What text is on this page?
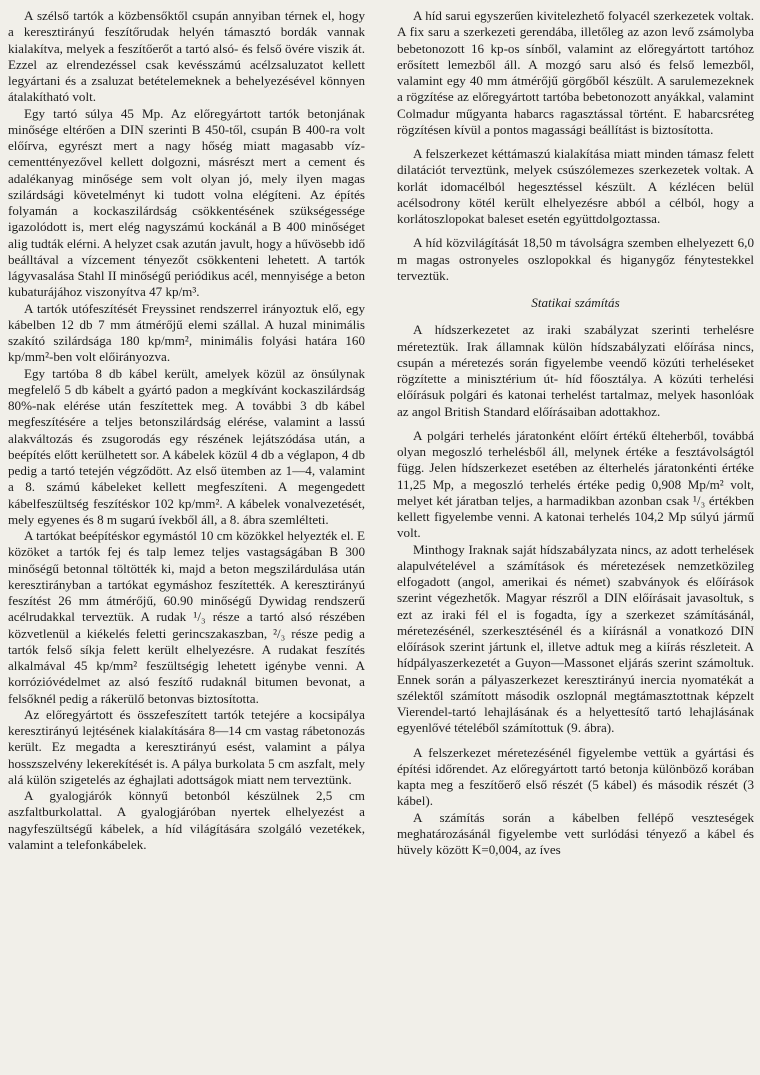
A szélső tartók a közbensőktől csupán annyiban térnek el, hogy a keresztirányú feszítőrudak helyén támasztó bordák vannak kialakítva, melyek a feszítőerőt a tartó alsó- és felső övére viszik át. Ezzel az elrendezéssel csak kevésszámú acélzsaluzatot kellett legyártani és a zsaluzat betételemeknek a behelyezésével könnyen átalakítható volt.

Egy tartó súlya 45 Mp. Az előregyártott tartók betonjának minősége eltérően a DIN szerinti B 450-től, csupán B 400-ra volt előírva, egyrészt mert a nagy hőség miatt magasabb vízcementtényezővel kellett dolgozni, másrészt mert a cement és adalékanyag minősége sem volt olyan jó, mely ilyen magas szilárdsági követelményt ki tudott volna elégíteni. Az építés folyamán a kockaszilárdság csökkentésének szükségessége igazolódott is, mert elég nagyszámú kockánál a B 400 minőséget alig tudták elérni. A helyzet csak azután javult, hogy a hűvösebb idő beálltával a vízcement tényezőt csökkenteni lehetett. A tartók lágyvasalása Stahl II minőségű periódikus acél, mennyisége a beton kubaturájához viszonyítva 47 kp/m³.

A tartók utófeszítését Freyssinet rendszerrel irányoztuk elő, egy kábelben 12 db 7 mm átmérőjű elemi szállal. A huzal minimális szakító szilárdsága 180 kp/mm², minimális folyási határa 160 kp/mm²-ben volt előirányozva.

Egy tartóba 8 db kábel került, amelyek közül az önsúlynak megfelelő 5 db kábelt a gyártó padon a megkívánt kockaszilárdság 80%-nak elérése után feszítettek meg. A további 3 db kábel megfeszítésére a teljes betonszilárdság elérése, valamint a lassú alakváltozás és zsugorodás egy részének lejátszódása után, a beépítés előtt kerülhetett sor. A kábelek közül 4 db a véglapon, 4 db pedig a tartó tetején végződött. Az első ütemben az 1—4, valamint a 8. számú kábeleket kellett megfeszíteni. A megengedett kábelfeszültség feszítéskor 102 kp/mm². A kábelek vonalvezetését, mely egyenes és 8 m sugarú ívekből áll, a 8. ábra szemlélteti.

A tartókat beépítéskor egymástól 10 cm közökkel helyezték el. E közöket a tartók fej és talp lemez teljes vastagságában B 300 minőségű betonnal töltötték ki, majd a beton megszilárdulása után keresztirányban a tartókat egymáshoz feszítették. A keresztirányú feszítést 26 mm átmérőjű, 60.90 minőségű Dywidag rendszerű acélrudakkal terveztük. A rudak ¹/₃ része a tartó alsó részében közvetlenül a kiékelés feletti gerincszakaszban, ²/₃ része pedig a tartók felső síkja felett került elhelyezésre. A rudakat feszítés alkalmával 45 kp/mm² feszültségig lehetett igénybe venni. A korrózióvédelmet az alsó feszítő rudaknál bitumen bevonat, a felsőknél pedig a rákerülő betonvas biztosította.

Az előregyártott és összefeszített tartók tetejére a kocsipálya keresztirányú lejtésének kialakítására 8—14 cm vastag rábetonozás került. Ez megadta a keresztirányú esést, valamint a pálya hosszszelvény lekerekítését is. A pálya burkolata 5 cm aszfalt, mely alá külön szigetelés az éghajlati adottságok miatt nem terveztünk.

A gyalogjárók könnyű betonból készülnek 2,5 cm aszfaltburkolattal. A gyalogjáróban nyertek elhelyezést a nagyfeszültségű kábelek, a híd világítására szolgáló vezetékek, valamint a telefonkábelek.

A híd sarui egyszerűen kivitelezhető folyacél szerkezetek voltak. A fix saru a szerkezeti gerendába, illetőleg az azon levő zsámolyba bebetonozott 16 kp-os sínből, valamint az előregyártott tartóhoz erősített lemezből áll. A mozgó saru alsó és felső lemezből, valamint egy 40 mm átmérőjű görgőből készült. A sarulemezeknek a rögzítése az előregyártott tartóba bebetonozott anyákkal, valamint Colmadur műgyanta habarcs ragasztással történt. E habarcsréteg rögzítésen kívül a pontos magassági beállítást is biztosította.

A felszerkezet kéttámaszú kialakítása miatt minden támasz felett dilatációt terveztünk, melyek csúszólemezes szerkezetek voltak. A korlát idomacélból hegesztéssel készült. A kézlécen belül acélsodrony kötél került elhelyezésre abból a célból, hogy a korlátoszlopokat baleset esetén együttdolgoztassa.

A híd közvilágítását 18,50 m távolságra szemben elhelyezett 6,0 m magas ostronyeles oszlopokkal és higanygőz fénytestekkel terveztük.

Statikai számítás

A hídszerkezetet az iraki szabályzat szerinti terhelésre méreteztük. Irak államnak külön hídszabályzati előírása nincs, csupán a méretezés során figyelembe veendő közúti terheléseket rögzítette a minisztérium út- híd főosztálya. A közúti terhelési előírásuk polgári és katonai terhelést tartalmaz, melyek hasonlóak az angol British Standard előírásaiban adottakhoz.

A polgári terhelés járatonként előírt értékű élteherből, továbbá olyan megoszló terhelésből áll, melynek értéke a fesztávolságtól függ. Jelen hídszerkezet esetében az élterhelés járatonkénti értéke 11,25 Mp, a megoszló terhelés értéke pedig 0,908 Mp/m² volt, melyet két járatban teljes, a harmadikban azonban csak ¹/₃ értékben kellett figyelembe venni. A katonai terhelés 104,2 Mp súlyú jármű volt.

Minthogy Iraknak saját hídszabályzata nincs, az adott terhelések alapulvételével a számítások és méretezések nemzetközileg elfogadott (angol, amerikai és német) szabványok és előírások szerint végezhetők. Magyar részről a DIN előírásait javasoltuk, s ezt az iraki fél el is fogadta, így a szerkezet számításánál, méretezésénél, szerkesztésénél és a kiírásnál a vonatkozó DIN előírások szerint jártunk el, illetve adtuk meg a kiírás részleteit. A hídpályaszerkezetét a Guyon—Massonet eljárás szerint számoltuk. Ennek során a pályaszerkezet keresztirányú inercia nyomatékát a szélektől számított második oszlopnál megtámasztottnak képzelt Vierendel-tartó lehajlásának és a helyettesítő tartó lehajlásának egyenlővé tételéből számítottuk (9. ábra).

A felszerkezet méretezésénél figyelembe vettük a gyártási és építési időrendet. Az előregyártott tartó betonja különböző korában kapta meg a feszítőerő első részét (5 kábel) és második részét (3 kábel).

A számítás során a kábelben fellépő veszteségek meghatározásánál figyelembe vett surlódási tényező a kábel és hüvely között K=0,004, az íves
